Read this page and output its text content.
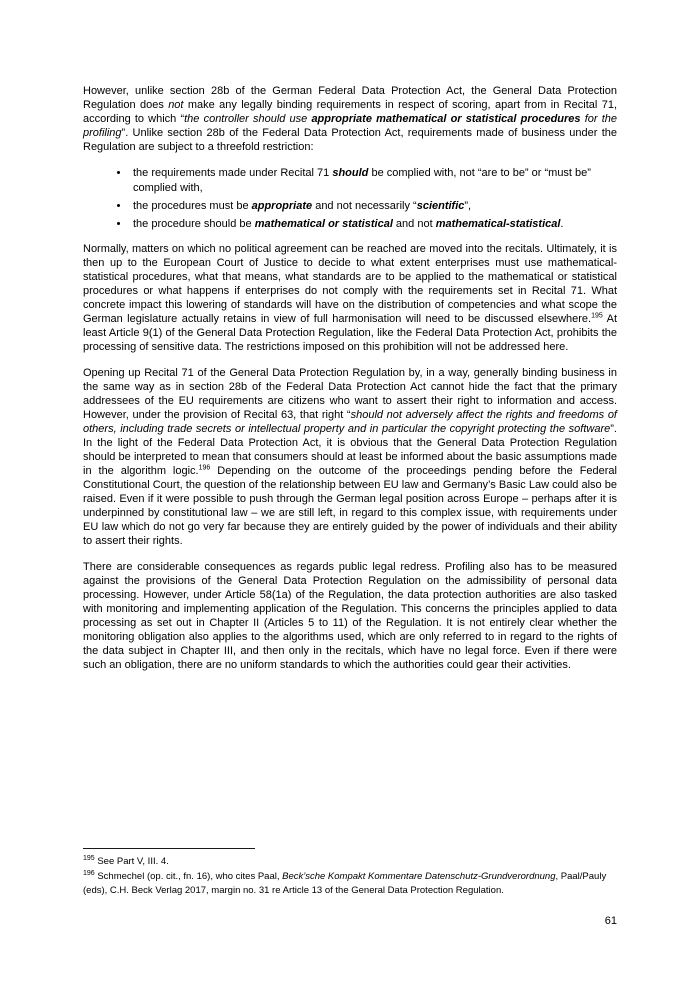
However, unlike section 28b of the German Federal Data Protection Act, the General Data Protection Regulation does not make any legally binding requirements in respect of scoring, apart from in Recital 71, according to which “the controller should use appropriate mathematical or statistical procedures for the profiling”. Unlike section 28b of the Federal Data Protection Act, requirements made of business under the Regulation are subject to a threefold restriction:

• the requirements made under Recital 71 should be complied with, not “are to be” or “must be” complied with,
• the procedures must be appropriate and not necessarily “scientific”,
• the procedure should be mathematical or statistical and not mathematical-statistical.

Normally, matters on which no political agreement can be reached are moved into the recitals. Ultimately, it is then up to the European Court of Justice to decide to what extent enterprises must use mathematical-statistical procedures, what that means, what standards are to be applied to the mathematical or statistical procedures or what happens if enterprises do not comply with the requirements set in Recital 71. What concrete impact this lowering of standards will have on the distribution of competencies and what scope the German legislature actually retains in view of full harmonisation will need to be discussed elsewhere.$^{195}$ At least Article 9(1) of the General Data Protection Regulation, like the Federal Data Protection Act, prohibits the processing of sensitive data. The restrictions imposed on this prohibition will not be addressed here.

Opening up Recital 71 of the General Data Protection Regulation by, in a way, generally binding business in the same way as in section 28b of the Federal Data Protection Act cannot hide the fact that the primary addressees of the EU requirements are citizens who want to assert their right to information and access. However, under the provision of Recital 63, that right “should not adversely affect the rights and freedoms of others, including trade secrets or intellectual property and in particular the copyright protecting the software”. In the light of the Federal Data Protection Act, it is obvious that the General Data Protection Regulation should be interpreted to mean that consumers should at least be informed about the basic assumptions made in the algorithm logic.$^{196}$ Depending on the outcome of the proceedings pending before the Federal Constitutional Court, the question of the relationship between EU law and Germany’s Basic Law could also be raised. Even if it were possible to push through the German legal position across Europe – perhaps after it is underpinned by constitutional law – we are still left, in regard to this complex issue, with requirements under EU law which do not go very far because they are entirely guided by the power of individuals and their ability to assert their rights.

There are considerable consequences as regards public legal redress. Profiling also has to be measured against the provisions of the General Data Protection Regulation on the admissibility of personal data processing. However, under Article 58(1a) of the Regulation, the data protection authorities are also tasked with monitoring and implementing application of the Regulation. This concerns the principles applied to data processing as set out in Chapter II (Articles 5 to 11) of the Regulation. It is not entirely clear whether the monitoring obligation also applies to the algorithms used, which are only referred to in regard to the rights of the data subject in Chapter III, and then only in the recitals, which have no legal force. Even if there were such an obligation, there are no uniform standards to which the authorities could gear their activities.

$^{195}$ See Part V, III. 4.
$^{196}$ Schmechel (op. cit., fn. 16), who cites Paal, Beck’sche Kompakt Kommentare Datenschutz-Grundverordnung, Paal/Pauly (eds), C.H. Beck Verlag 2017, margin no. 31 re Article 13 of the General Data Protection Regulation.
61
